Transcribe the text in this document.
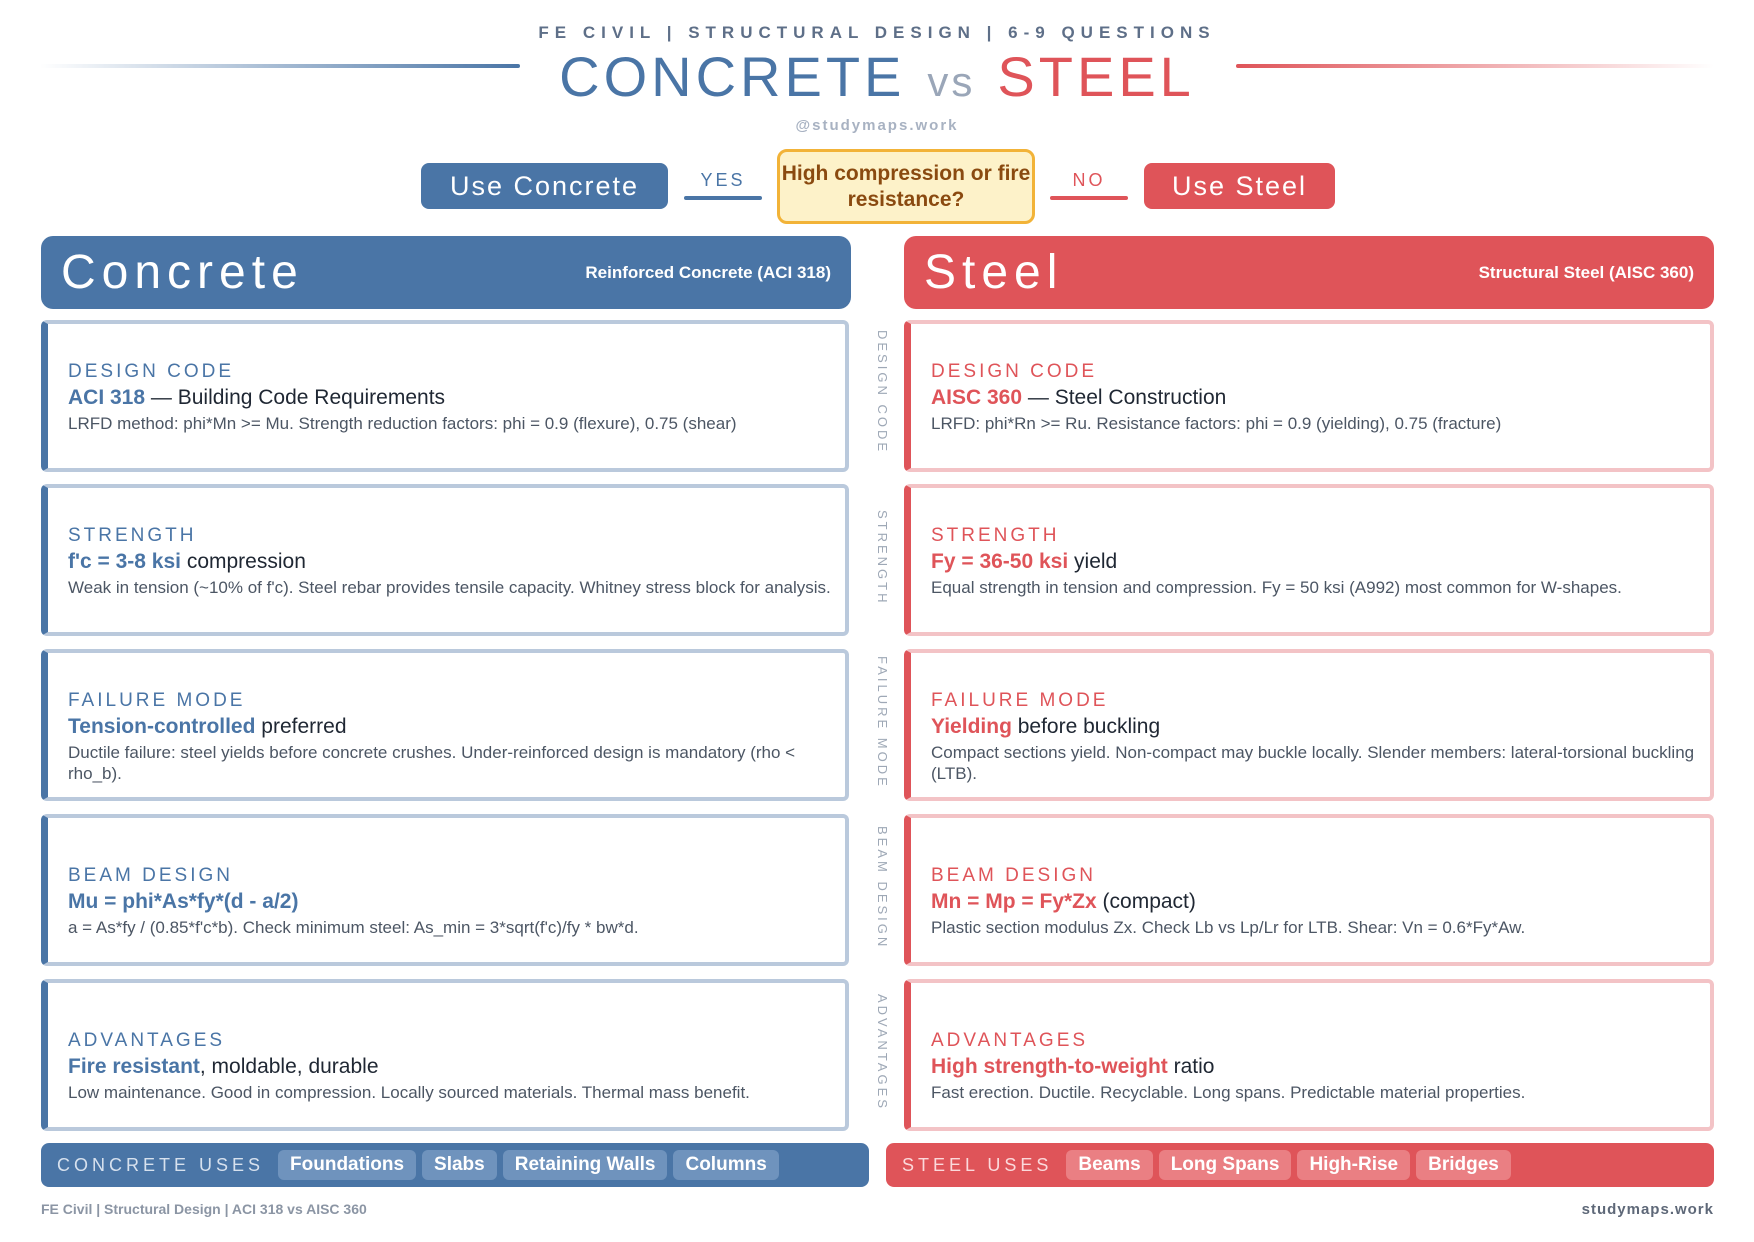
FE CIVIL | STRUCTURAL DESIGN | 6-9 QUESTIONS
CONCRETE vs STEEL
@studymaps.work
Use Concrete	YES	High compression or fire resistance?
NO	Use Steel
Concrete	Reinforced Concrete (ACI 318) Steel	Structural Steel (AISC 360)
DESIGN CODE
ACI 318 — Building Code Requirements
LRFD method: phi*Mn >= Mu. Strength reduction factors: phi = 0.9 (flexure), 0.75 (shear)
STRENGTH
f'c = 3-8 ksi compression
Weak in tension (~10% of f'c). Steel rebar provides tensile capacity. Whitney stress block for analysis.
FAILURE MODE
Tension-controlled preferred
Ductile failure: steel yields before concrete crushes. Under-reinforced design is mandatory (rho < rho_b).
BEAM DESIGN
Mu = phi*As*fy*(d - a/2)
a = As*fy / (0.85*f'c*b). Check minimum steel: As_min = 3*sqrt(f'c)/fy * bw*d.
ADVANTAGES
Fire resistant, moldable, durable
Low maintenance. Good in compression. Locally sourced materials. Thermal mass benefit.
DESIGN CODE
STRENGTH
FAILURE MODE
BEAM DESIGN
ADVANTAGES
DESIGN CODE
AISC 360 — Steel Construction
LRFD: phi*Rn >= Ru. Resistance factors: phi = 0.9 (yielding), 0.75 (fracture)
STRENGTH
Fy = 36-50 ksi yield
Equal strength in tension and compression. Fy = 50 ksi (A992) most common for W-shapes.
FAILURE MODE
Yielding before buckling
Compact sections yield. Non-compact may buckle locally. Slender members: lateral-torsional buckling (LTB).
BEAM DESIGN
Mn = Mp = Fy*Zx (compact)
Plastic section modulus Zx. Check Lb vs Lp/Lr for LTB. Shear: Vn = 0.6*Fy*Aw.
ADVANTAGES
High strength-to-weight ratio
Fast erection. Ductile. Recyclable. Long spans. Predictable material properties.
CONCRETE USES	Foundations	Slabs	Retaining Walls	Columns	STEEL USES	Beams	Long Spans	High-Rise	Bridges
FE Civil | Structural Design | ACI 318 vs AISC 360	studymaps.work
